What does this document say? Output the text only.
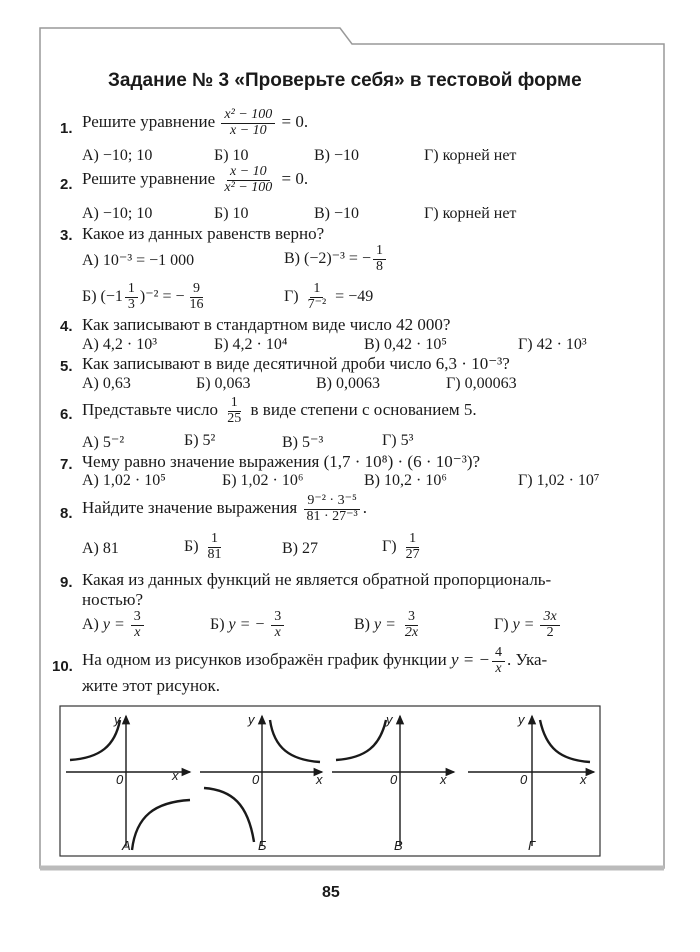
Задание № 3 «Проверьте себя» в тестовой форме
1. Решите уравнение $\frac{\text{x² − 100}}{x - 10} = 0$.
А) −10; 10	Б) 10	В) −10	Г) корней нет
2. Решите уравнение $\frac{x - 10}{\text{x² − 100}} = 0$.
А) −10; 10	Б) 10	В) −10	Г) корней нет
3. Какое из данных равенств верно?
А) 10⁻³ = −1 000	В) (−2)⁻³ = − $\frac{1}{8}$
Б) $(-1 \frac{1}{3} )^{-2}$ = − $\frac{9}{16}$	$Г) \frac{1}{\text{7⁻²}} = -49$
4. Как записывают в стандартном виде число 42 000?
А) 4,2 · 10³	Б) 4,2 · 10⁴	В) 0,42 · 10⁵	Г) 42 · 10³
5. Как записывают в виде десятичной дроби число 6,3 · 10⁻³?
А) 0,63	Б) 0,063	В) 0,0063	Г) 0,00063
6. Представьте число $\frac{1}{25}$ в виде степени с основанием 5.
А) 5⁻²	Б) 5²	В) 5⁻³	Г) 5³
7. Чему равно значение выражения (1,7 · 10⁸) · (6 · 10⁻³)?
А) 1,02 · 10⁵	Б) 1,02 · 10⁶	В) 10,2 · 10⁶	Г) 1,02 · 10⁷
8. Найдите значение выражения $\frac{\text{9⁻² · 3⁻⁵}}{\text{81 · 27⁻³}}$ .
А) 81	$Б) \frac{1}{81}$	В) 27	$Г) \frac{1}{27}$
9. Какая из данных функций не является обратной пропорциональ-
ностью?
А) $y = \frac{3}{x}$	Б) y = − $\frac{3}{x}$	В) $y = \frac{3}{2x}$	Г) $y = \frac{3x}{2}$
10. На одном из рисунков изображён график функции y = − $\frac{4}{x}$ . Ука-
жите этот рисунок.
y
x
0
А
y
x
0
Б
y
x
0
В
y
x
0
Г
85
